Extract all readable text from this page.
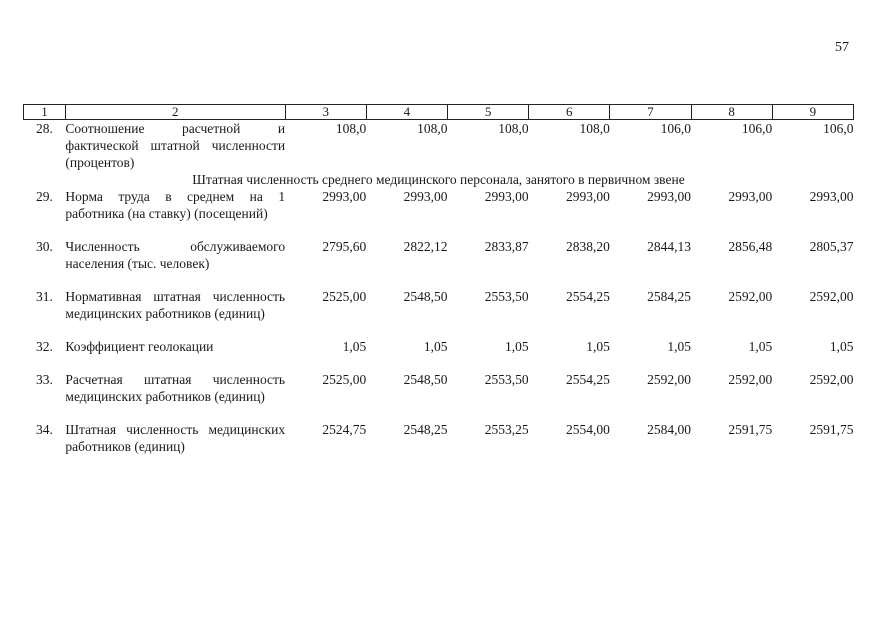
57
1	2	3	4	5	6	7	8	9
28.	Соотношение расчетной и фактической штатной численности (процентов)	108,0	108,0	108,0	108,0	106,0	106,0	106,0
Штатная численность среднего медицинского персонала, занятого в первичном звене								
29.	Норма труда в среднем на 1 работника (на ставку) (посещений)	2993,00	2993,00	2993,00	2993,00	2993,00	2993,00	2993,00

30.	Численность обслуживаемого населения (тыс. человек)	2795,60	2822,12	2833,87	2838,20	2844,13	2856,48	2805,37

31.	Нормативная штатная численность медицинских работников (единиц)	2525,00	2548,50	2553,50	2554,25	2584,25	2592,00	2592,00

32.	Коэффициент геолокации	1,05	1,05	1,05	1,05	1,05	1,05	1,05

33.	Расчетная штатная численность медицинских работников (единиц)	2525,00	2548,50	2553,50	2554,25	2592,00	2592,00	2592,00

34.	Штатная численность медицинских работников (единиц)	2524,75	2548,25	2553,25	2554,00	2584,00	2591,75	2591,75
